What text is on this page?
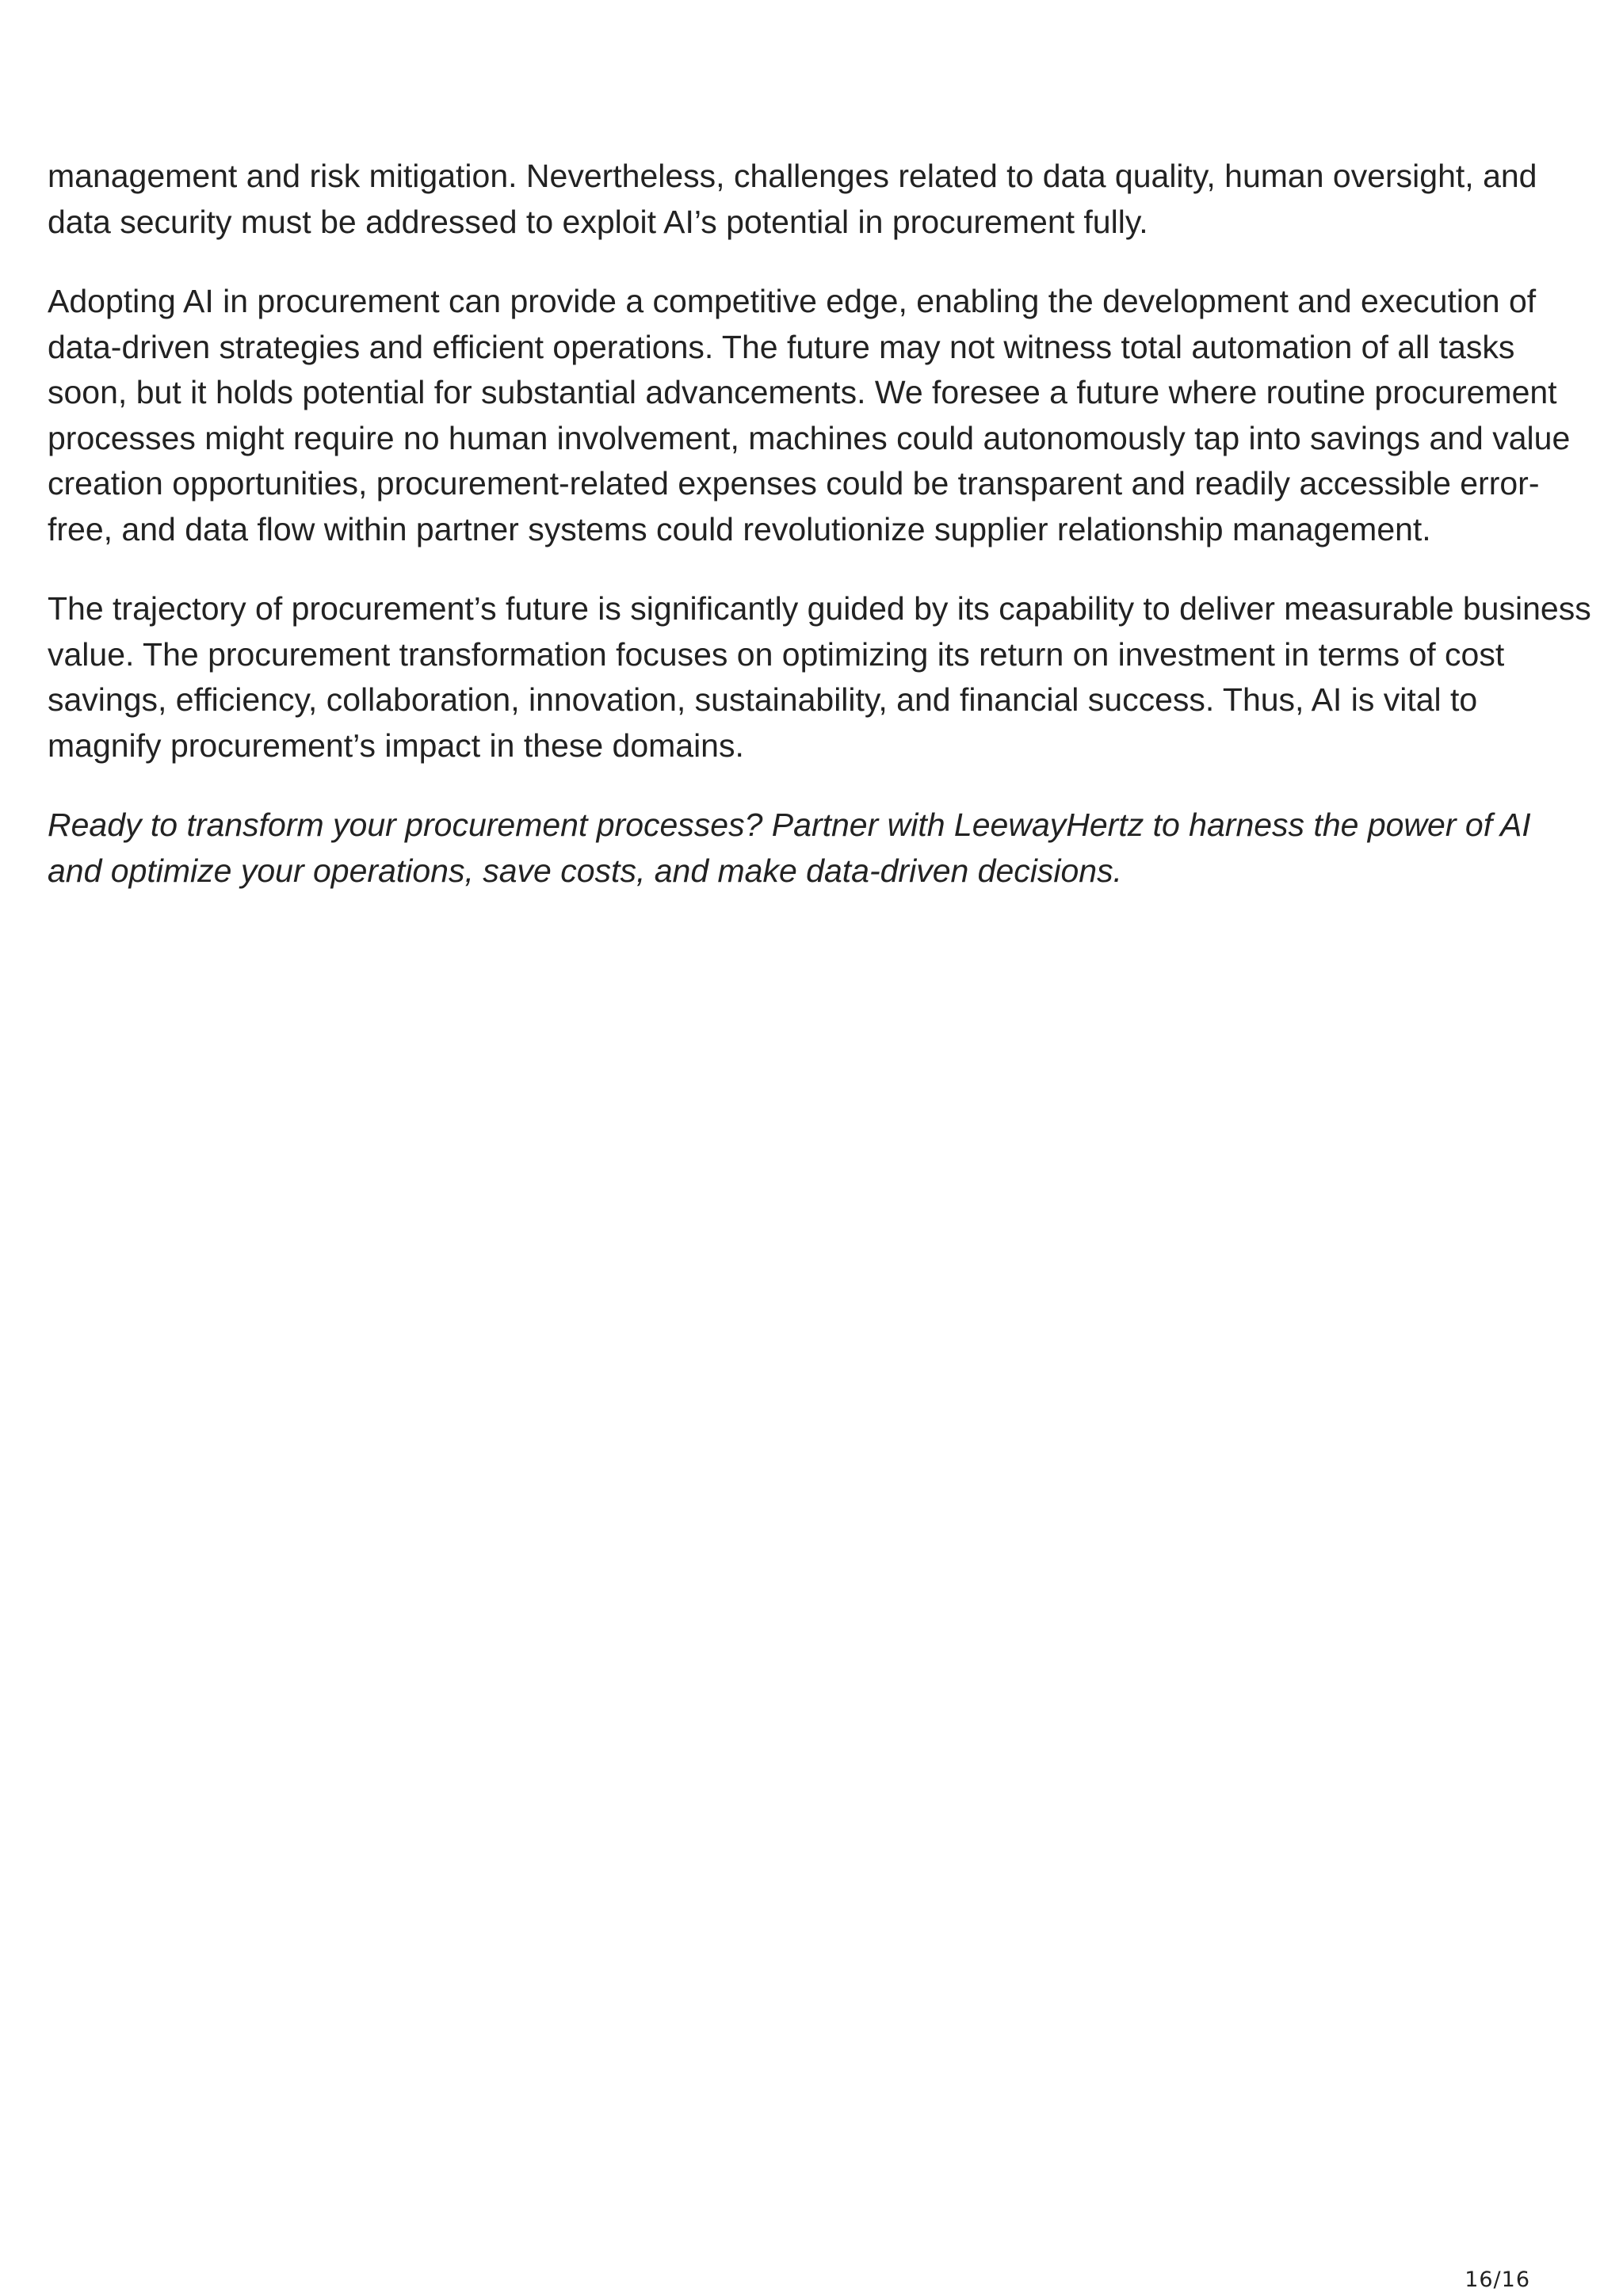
management and risk mitigation. Nevertheless, challenges related to data quality, human oversight, and data security must be addressed to exploit AI’s potential in procurement fully.

Adopting AI in procurement can provide a competitive edge, enabling the development and execution of data-driven strategies and efficient operations. The future may not witness total automation of all tasks soon, but it holds potential for substantial advancements. We foresee a future where routine procurement processes might require no human involvement, machines could autonomously tap into savings and value creation opportunities, procurement-related expenses could be transparent and readily accessible error-free, and data flow within partner systems could revolutionize supplier relationship management.

The trajectory of procurement’s future is significantly guided by its capability to deliver measurable business value. The procurement transformation focuses on optimizing its return on investment in terms of cost savings, efficiency, collaboration, innovation, sustainability, and financial success. Thus, AI is vital to magnify procurement’s impact in these domains.

Ready to transform your procurement processes? Partner with LeewayHertz to harness the power of AI and optimize your operations, save costs, and make data-driven decisions.

16/16
